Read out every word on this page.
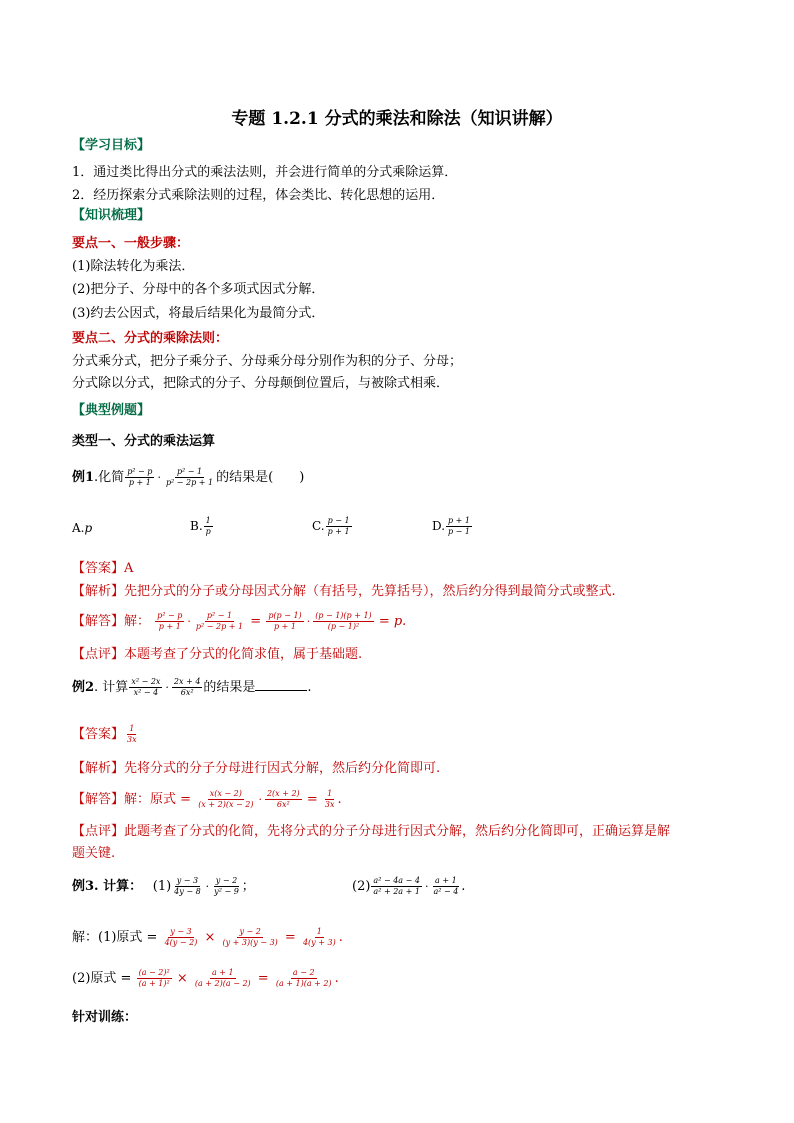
专题 1.2.1 分式的乘法和除法（知识讲解）
【学习目标】
1．通过类比得出分式的乘法法则，并会进行简单的分式乘除运算．
2．经历探索分式乘除法则的过程，体会类比、转化思想的运用．
【知识梳理】
要点一、一般步骤：
(1)除法转化为乘法．
(2)把分子、分母中的各个多项式因式分解．
(3)约去公因式，将最后结果化为最简分式．
要点二、分式的乘除法则：
分式乘分式，把分子乘分子、分母乘分母分别作为积的分子、分母；
分式除以分式，把除式的分子、分母颠倒位置后，与被除式相乘．
【典型例题】
类型一、分式的乘法运算
例1.化简 $\frac{\text{p² − p}}{p + 1} \cdot \frac{\text{p² − 1}}{\text{p² − 2p + 1}}$ 的结果是(　　)
A.p	B. $\frac{1}{p}$	C. $\frac{p - 1}{p + 1}$	D. $\frac{p + 1}{p - 1}$
【答案】A
【解析】先把分式的分子或分母因式分解（有括号，先算括号），然后约分得到最简分式或整式.
【解答】解： $\frac{\text{p² − p}}{p + 1} \cdot \frac{\text{p² − 1}}{\text{p² − 2p + 1}} = \frac{p(p - 1)}{p + 1} \cdot \frac{(p - 1)(p + 1)}{\text{(p − 1)²}} = p$.
【点评】本题考查了分式的化简求值，属于基础题.
例2. 计算 $\frac{\text{x² − 2x}}{\text{x² − 4}} \cdot \frac{2x + 4}{\text{6x²}}$ 的结果是	.
【答案】 $\frac{1}{3x}$
【解析】先将分式的分子分母进行因式分解，然后约分化简即可.
【解答】解：原式 = $\frac{x(x - 2)}{(x + 2)(x - 2)} \cdot \frac{2(x + 2)}{\text{6x²}} = \frac{1}{3x}$ .
【点评】此题考查了分式的化简，先将分式的分子分母进行因式分解，然后约分化简即可，正确运算是解
题关键.
例3. 计算：　 $(1) \frac{y - 3}{4y - 8} \cdot \frac{y - 2}{\text{y² − 9}}$ ；	$(2) \frac{\text{a² − 4a − 4}}{\text{a² + 2a + 1}} \cdot \frac{a + 1}{\text{a² − 4}}$ .
解：(1)原式 = $\frac{y - 3}{4(y - 2)} \times \frac{y - 2}{(y + 3)(y - 3)} = \frac{1}{4(y + 3)}$ .
(2)原式 = $\frac{\text{(a − 2)²}}{\text{(a + 1)²}} \times \frac{a + 1}{(a + 2)(a - 2)} = \frac{a - 2}{(a + 1)(a + 2)}$ .
针对训练：
